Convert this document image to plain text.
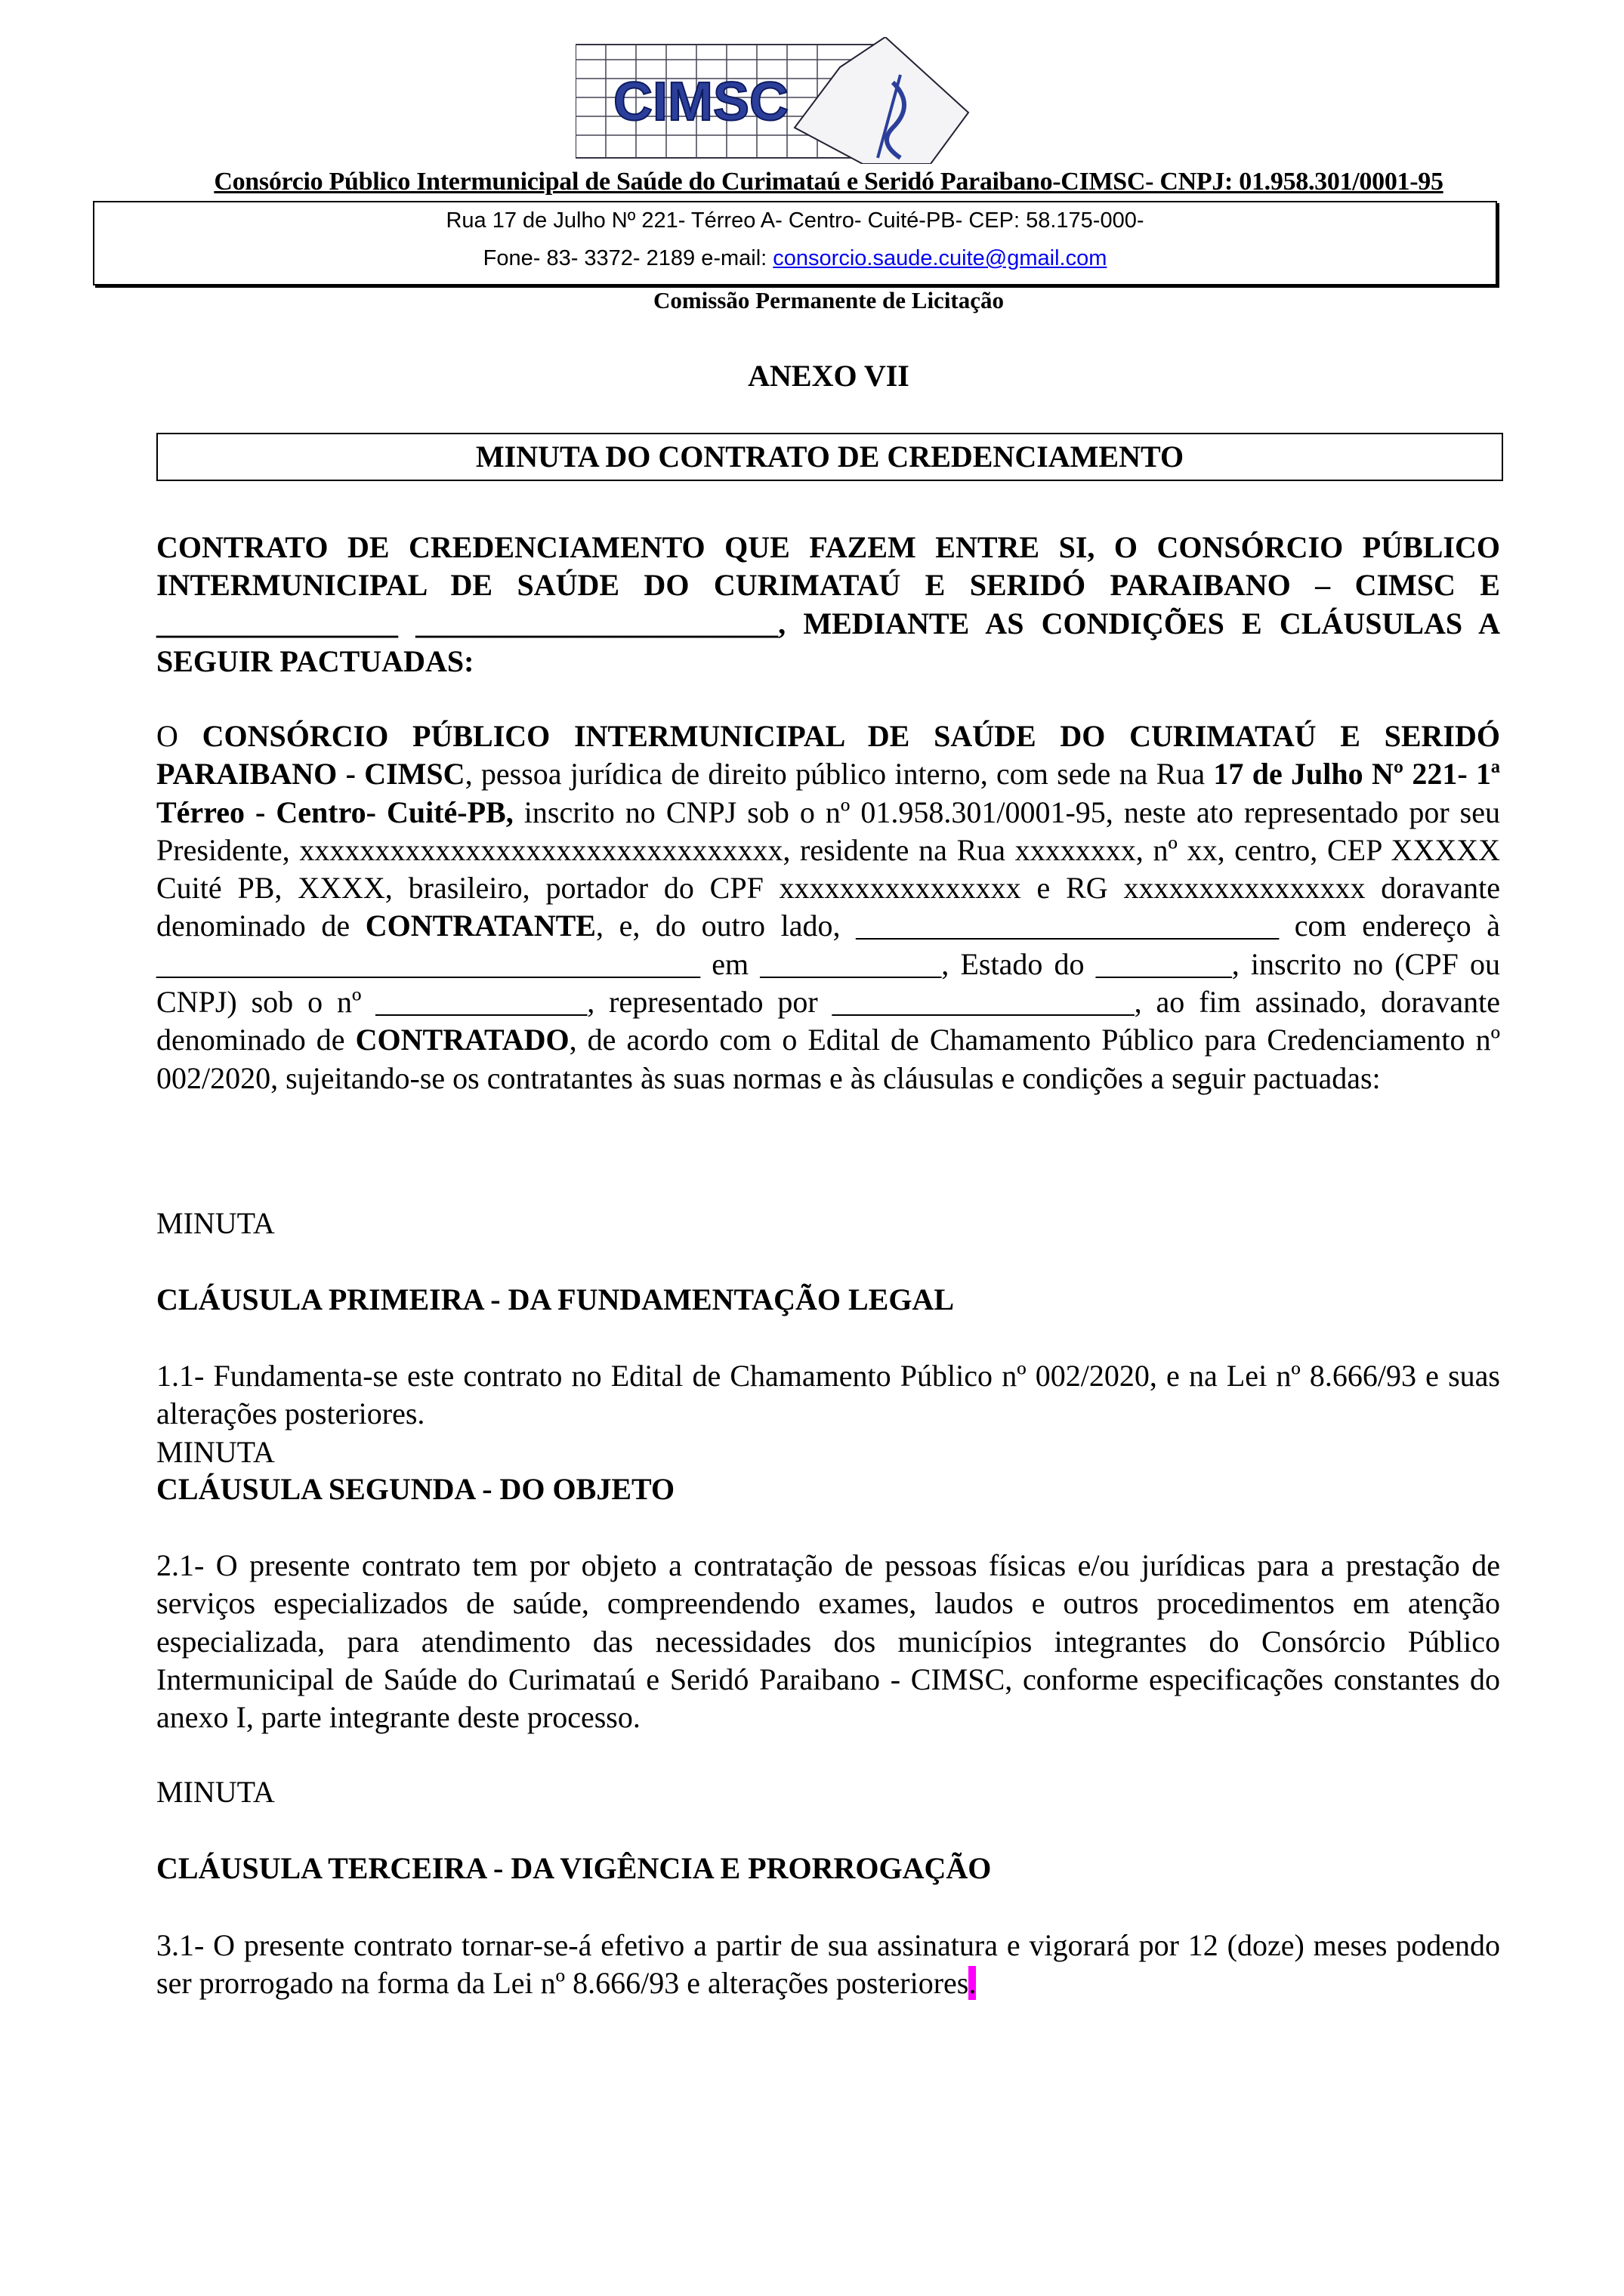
CIMSC
Consórcio Público Intermunicipal de Saúde do Curimataú e Seridó Paraibano-CIMSC- CNPJ: 01.958.301/0001-95
Rua 17 de Julho Nº 221- Térreo A- Centro- Cuité-PB- CEP: 58.175-000-
Fone- 83- 3372- 2189 e-mail: consorcio.saude.cuite@gmail.com
Comissão Permanente de Licitação
ANEXO VII
MINUTA DO CONTRATO DE CREDENCIAMENTO
CONTRATO DE CREDENCIAMENTO QUE FAZEM ENTRE SI, O CONSÓRCIO PÚBLICO INTERMUNICIPAL DE SAÚDE DO CURIMATAÚ E SERIDÓ PARAIBANO – CIMSC E ________________ ________________________, MEDIANTE AS CONDIÇÕES E CLÁUSULAS A SEGUIR PACTUADAS:
O CONSÓRCIO PÚBLICO INTERMUNICIPAL DE SAÚDE DO CURIMATAÚ E SERIDÓ PARAIBANO - CIMSC, pessoa jurídica de direito público interno, com sede na Rua 17 de Julho Nº 221- 1ª Térreo - Centro- Cuité-PB, inscrito no CNPJ sob o nº 01.958.301/0001-95, neste ato representado por seu Presidente, xxxxxxxxxxxxxxxxxxxxxxxxxxxxxxxx, residente na Rua xxxxxxxx, nº xx, centro, CEP XXXXX Cuité PB, XXXX, brasileiro, portador do CPF xxxxxxxxxxxxxxxx e RG xxxxxxxxxxxxxxxx doravante denominado de CONTRATANTE, e, do outro lado, ____________________________ com endereço à ____________________________________ em ____________, Estado do _________, inscrito no (CPF ou CNPJ) sob o nº ______________, representado por ____________________, ao fim assinado, doravante denominado de CONTRATADO, de acordo com o Edital de Chamamento Público para Credenciamento nº 002/2020, sujeitando-se os contratantes às suas normas e às cláusulas e condições a seguir pactuadas:
MINUTA
CLÁUSULA PRIMEIRA - DA FUNDAMENTAÇÃO LEGAL
1.1- Fundamenta-se este contrato no Edital de Chamamento Público nº 002/2020, e na Lei nº 8.666/93 e suas alterações posteriores.
MINUTA
CLÁUSULA SEGUNDA - DO OBJETO
2.1- O presente contrato tem por objeto a contratação de pessoas físicas e/ou jurídicas para a prestação de serviços especializados de saúde, compreendendo exames, laudos e outros procedimentos em atenção especializada, para atendimento das necessidades dos municípios integrantes do Consórcio Público Intermunicipal de Saúde do Curimataú e Seridó Paraibano - CIMSC, conforme especificações constantes do anexo I, parte integrante deste processo.
MINUTA
CLÁUSULA TERCEIRA - DA VIGÊNCIA E PRORROGAÇÃO
3.1- O presente contrato tornar-se-á efetivo a partir de sua assinatura e vigorará por 12 (doze) meses podendo ser prorrogado na forma da Lei nº 8.666/93 e alterações posteriores.
